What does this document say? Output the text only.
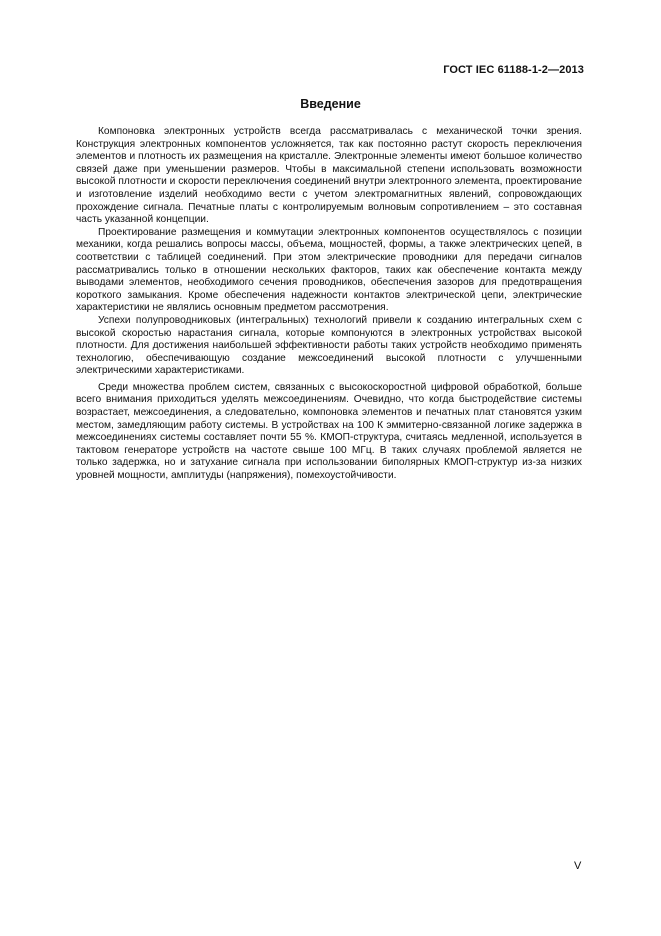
ГОСТ IEC 61188-1-2—2013
Введение

Компоновка электронных устройств всегда рассматривалась с механической точки зрения. Конструкция электронных компонентов усложняется, так как постоянно растут скорость переключения элементов и плотность их размещения на кристалле. Электронные элементы имеют большое количество связей даже при уменьшении размеров. Чтобы в максимальной степени использовать возможности высокой плотности и скорости переключения соединений внутри электронного элемента, проектирование и изготовление изделий необходимо вести с учетом электромагнитных явлений, сопровождающих прохождение сигнала. Печатные платы с контролируемым волновым сопротивлением – это составная часть указанной концепции.

Проектирование размещения и коммутации электронных компонентов осуществлялось с позиции механики, когда решались вопросы массы, объема, мощностей, формы, а также электрических цепей, в соответствии с таблицей соединений. При этом электрические проводники для передачи сигналов рассматривались только в отношении нескольких факторов, таких как обеспечение контакта между выводами элементов, необходимого сечения проводников, обеспечения зазоров для предотвращения короткого замыкания. Кроме обеспечения надежности контактов электрической цепи, электрические характеристики не являлись основным предметом рассмотрения.

Успехи полупроводниковых (интегральных) технологий привели к созданию интегральных схем с высокой скоростью нарастания сигнала, которые компонуются в электронных устройствах высокой плотности. Для достижения наибольшей эффективности работы таких устройств необходимо применять технологию, обеспечивающую создание межсоединений высокой плотности с улучшенными электрическими характеристиками.

Среди множества проблем систем, связанных с высокоскоростной цифровой обработкой, больше всего внимания приходиться уделять межсоединениям. Очевидно, что когда быстродействие системы возрастает, межсоединения, а следовательно, компоновка элементов и печатных плат становятся узким местом, замедляющим работу системы. В устройствах на 100 К эммитерно-связанной логике задержка в межсоединениях системы составляет почти 55 %. КМОП-структура, считаясь медленной, используется в тактовом генераторе устройств на частоте свыше 100 МГц. В таких случаях проблемой является не только задержка, но и затухание сигнала при использовании биполярных КМОП-структур из-за низких уровней мощности, амплитуды (напряжения), помехоустойчивости.

V
